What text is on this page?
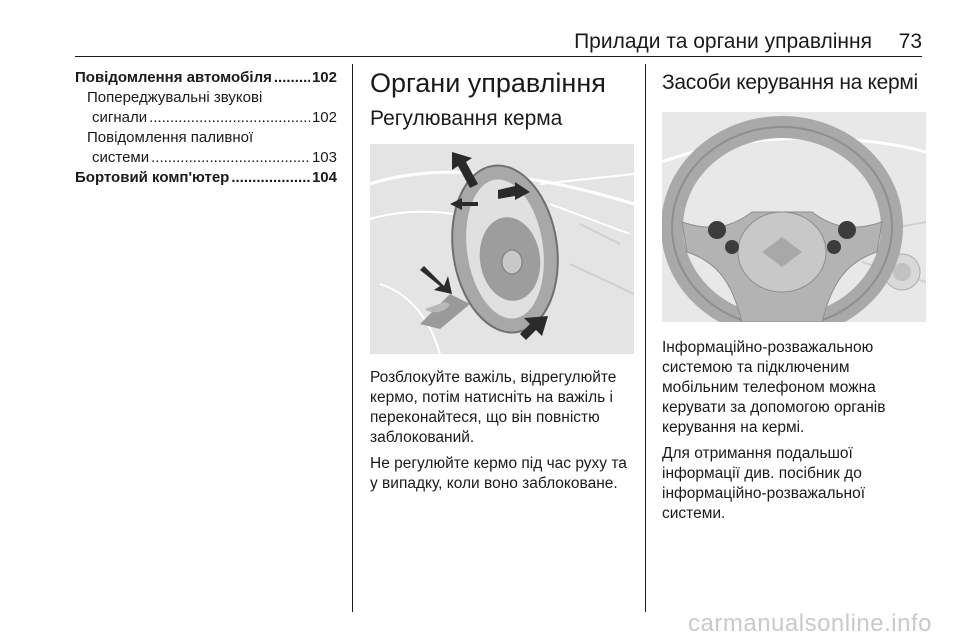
Прилади та органи управління 73
Повідомлення автомобіля .....	102
Попереджувальні звукові
сигнали .....	102
Повідомлення паливної
системи .....	103
Бортовий комп'ютер .....	104
Органи управління
Регулювання керма

Розблокуйте важіль, відрегулюйте
кермо, потім натисніть на важіль і
переконайтеся, що він повністю
заблокований.

Не регулюйте кермо під час руху та
у випадку, коли воно заблоковане.

Засоби керування на кермі

Інформаційно-розважальною
системою та підключеним
мобільним телефоном можна
керувати за допомогою органів
керування на кермі.

Для отримання подальшої
інформації див. посібник до
інформаційно-розважальної
системи.

carmanualsonline.info
